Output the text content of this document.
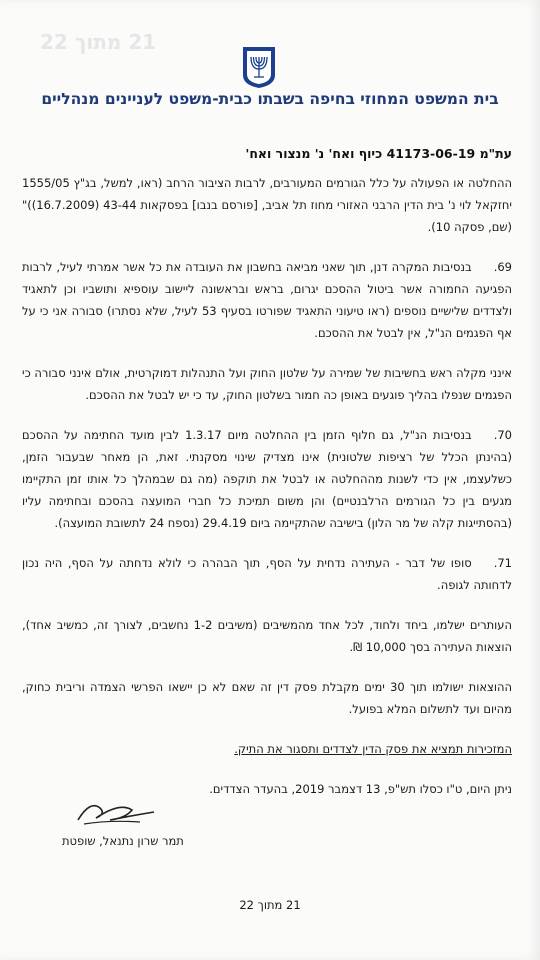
21 מתוך 22
בית המשפט המחוזי בחיפה בשבתו כבית-משפט לעניינים מנהליים
עת"מ 41173-06-19 כיוף ואח' נ' מנצור ואח'

ההחלטה או הפעולה על כלל הגורמים המעורבים, לרבות הציבור הרחב (ראו, למשל, בג"ץ 1555/05 יחזקאל לוי נ' בית הדין הרבני האזורי מחוז תל אביב, [פורסם בנבו] בפסקאות 43-44 (16.7.2009))" (שם, פסקה 10).

69.בנסיבות המקרה דנן, תוך שאני מביאה בחשבון את העובדה את כל אשר אמרתי לעיל, לרבות הפגיעה החמורה אשר ביטול ההסכם יגרום, בראש ובראשונה ליישוב עוספיא ותושביו וכן לתאגיד ולצדדים שלישיים נוספים (ראו טיעוני התאגיד שפורטו בסעיף 53 לעיל, שלא נסתרו) סבורה אני כי על אף הפגמים הנ"ל, אין לבטל את ההסכם.

אינני מקלה ראש בחשיבות של שמירה על שלטון החוק ועל התנהלות דמוקרטית, אולם אינני סבורה כי הפגמים שנפלו בהליך פוגעים באופן כה חמור בשלטון החוק, עד כי יש לבטל את ההסכם.

70.בנסיבות הנ"ל, גם חלוף הזמן בין ההחלטה מיום 1.3.17 לבין מועד החתימה על ההסכם (בהינתן הכלל של רציפות שלטונית) אינו מצדיק שינוי מסקנתי. זאת, הן מאחר שבעבור הזמן, כשלעצמו, אין כדי לשנות מההחלטה או לבטל את תוקפה (מה גם שבמהלך כל אותו זמן התקיימו מגעים בין כל הגורמים הרלבנטיים) והן משום תמיכת כל חברי המועצה בהסכם ובחתימה עליו (בהסתייגות קלה של מר הלון) בישיבה שהתקיימה ביום 29.4.19 (נספח 24 לתשובת המועצה).

71.סופו של דבר - העתירה נדחית על הסף, תוך הבהרה כי לולא נדחתה על הסף, היה נכון לדחותה לגופה.

העותרים ישלמו, ביחד ולחוד, לכל אחד מהמשיבים (משיבים 1-2 נחשבים, לצורך זה, כמשיב אחד), הוצאות העתירה בסך 10,000 ₪.

ההוצאות ישולמו תוך 30 ימים מקבלת פסק דין זה שאם לא כן יישאו הפרשי הצמדה וריבית כחוק, מהיום ועד לתשלום המלא בפועל.

המזכירות תמציא את פסק הדין לצדדים ותסגור את התיק.

ניתן היום, ט"ו כסלו תש"פ, 13 דצמבר 2019, בהעדר הצדדים.

תמר שרון נתנאל, שופטת
21 מתוך 22
